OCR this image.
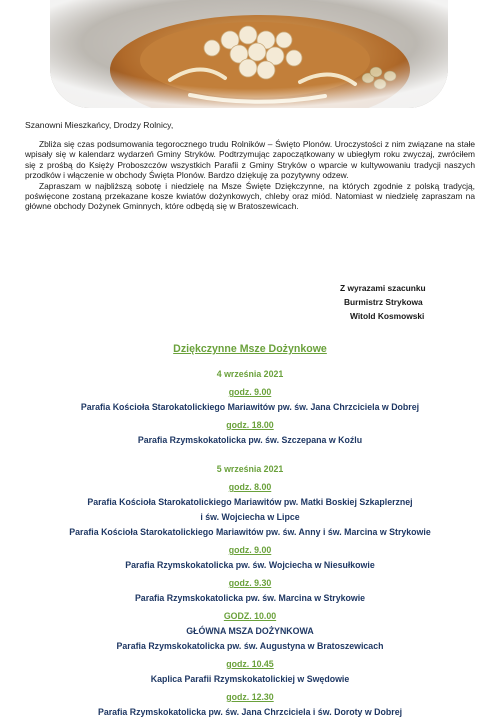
Szanowni Mieszkańcy, Drodzy Rolnicy,

Zbliża się czas podsumowania tegorocznego trudu Rolników – Święto Plonów. Uroczystości z nim związane na stałe wpisały się w kalendarz wydarzeń Gminy Stryków. Podtrzymując zapoczątkowany w ubiegłym roku zwyczaj, zwróciłem się z prośbą do Księży Proboszczów wszystkich Parafii z Gminy Stryków o wparcie w kultywowaniu tradycji naszych przodków i włączenie w obchody Święta Plonów. Bardzo dziękuję za pozytywny odzew.

Zapraszam w najbliższą sobotę i niedzielę na Msze Święte Dziękczynne, na których zgodnie z polską tradycją, poświęcone zostaną przekazane kosze kwiatów dożynkowych, chleby oraz miód. Natomiast w niedzielę zapraszam na główne obchody Dożynek Gminnych, które odbędą się w Bratoszewicach.

Z wyrazami szacunku
Burmistrz Strykowa
Witold Kosmowski
Dziękczynne Msze Dożynkowe
4 września 2021
godz. 9.00
Parafia Kościoła Starokatolickiego Mariawitów pw. św. Jana Chrzciciela w Dobrej
godz. 18.00
Parafia Rzymskokatolicka pw. św. Szczepana w Koźlu
5 września 2021
godz. 8.00
Parafia Kościoła Starokatolickiego Mariawitów pw. Matki Boskiej Szkaplerznej
i św. Wojciecha w Lipce
Parafia Kościoła Starokatolickiego Mariawitów pw. św. Anny i św. Marcina w Strykowie
godz. 9.00
Parafia Rzymskokatolicka pw. św. Wojciecha w Niesułkowie
godz. 9.30
Parafia Rzymskokatolicka pw. św. Marcina w Strykowie
GODZ. 10.00
GŁÓWNA MSZA DOŻYNKOWA
Parafia Rzymskokatolicka pw. św. Augustyna w Bratoszewicach
godz. 10.45
Kaplica Parafii Rzymskokatolickiej w Swędowie
godz. 12.30
Parafia Rzymskokatolicka pw. św. Jana Chrzciciela i św. Doroty w Dobrej
